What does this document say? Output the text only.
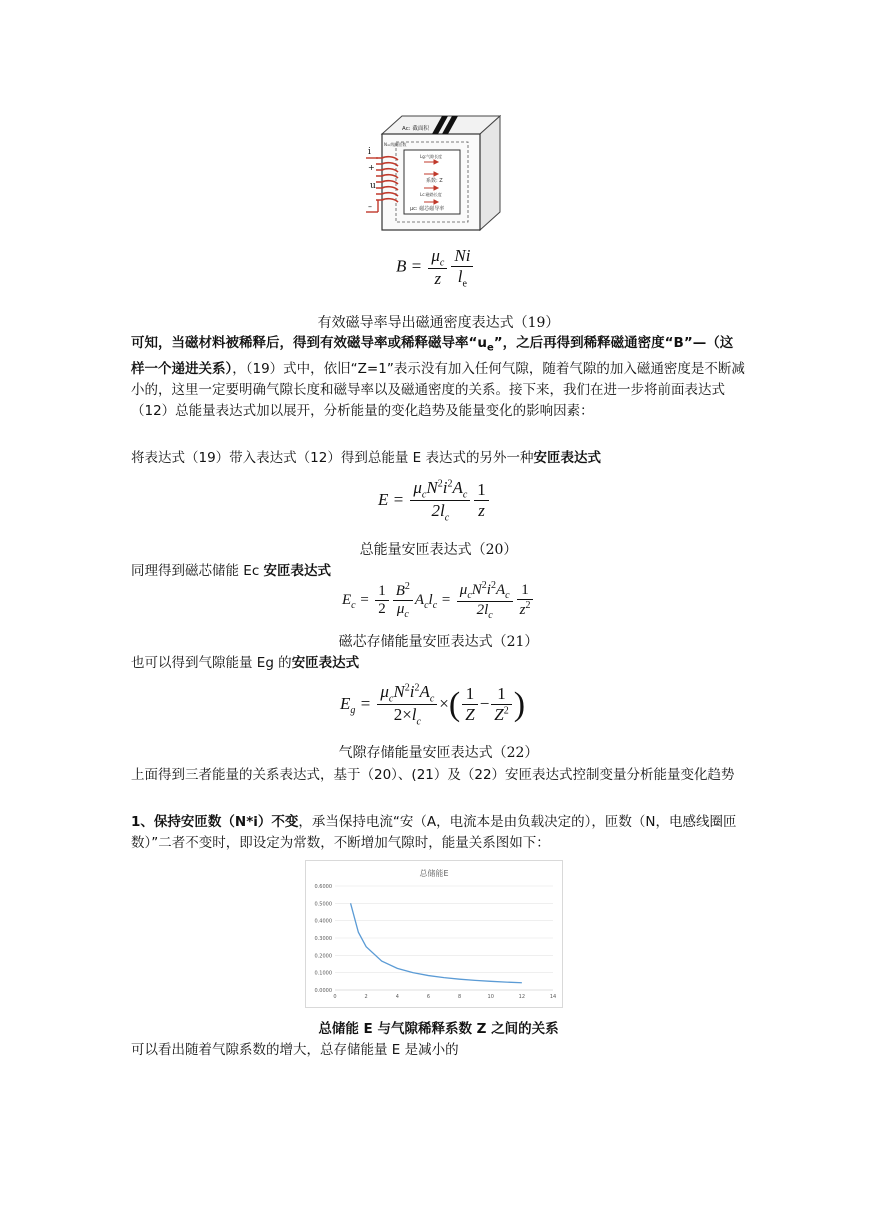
Aᴄ: 截面积
i
u
+
–
N=线圈匝数
Lg:气隙长度
系数: Z
Lc:磁路长度
μc: 磁芯磁导率
$B = \frac{\mu_c}{z} \frac{Ni}{l_e}$
有效磁导率导出磁通密度表达式（19）
可知，当磁材料被稀释后，得到有效磁导率或稀释磁导率“$u_e$”，之后再得到稀释磁通密度“B”—（这样一个递进关系），（19）式中，依旧“Z=1”表示没有加入任何气隙，随着气隙的加入磁通密度是不断减小的，这里一定要明确气隙长度和磁导率以及磁通密度的关系。接下来，我们在进一步将前面表达式（12）总能量表达式加以展开，分析能量的变化趋势及能量变化的影响因素：
将表达式（19）带入表达式（12）得到总能量 E 表达式的另外一种安匝表达式
$E = \frac{\mu_cN^2i^2A_c}{2l_c} \frac{1}{z}$
总能量安匝表达式（20）
同理得到磁芯储能 Ec 安匝表达式
$E_c = \frac{1}{2} \frac{B^2}{\mu_c} A_cl_c = \frac{\mu_cN^2i^2A_c}{2l_c} \frac{1}{z^2}$
磁芯存储能量安匝表达式（21）
也可以得到气隙能量 Eg 的安匝表达式
$E_g = \frac{\mu_cN^2i^2A_c}{2\times l_c}$ ×( $\frac{1}{Z} - \frac{1}{Z^2}$ )
气隙存储能量安匝表达式（22）
上面得到三者能量的关系表达式，基于（20）、(21）及（22）安匝表达式控制变量分析能量变化趋势
1、保持安匝数（N*i）不变，承当保持电流“安（A，电流本是由负载决定的），匝数（N，电感线圈匝数）”二者不变时，即设定为常数，不断增加气隙时，能量关系图如下：
总储能E
0.0000
0.1000
0.2000
0.3000
0.4000
0.5000
0.6000
0	2	4	6	8	10	12	14
总储能 E 与气隙稀释系数 Z 之间的关系
可以看出随着气隙系数的增大，总存储能量 E 是减小的
